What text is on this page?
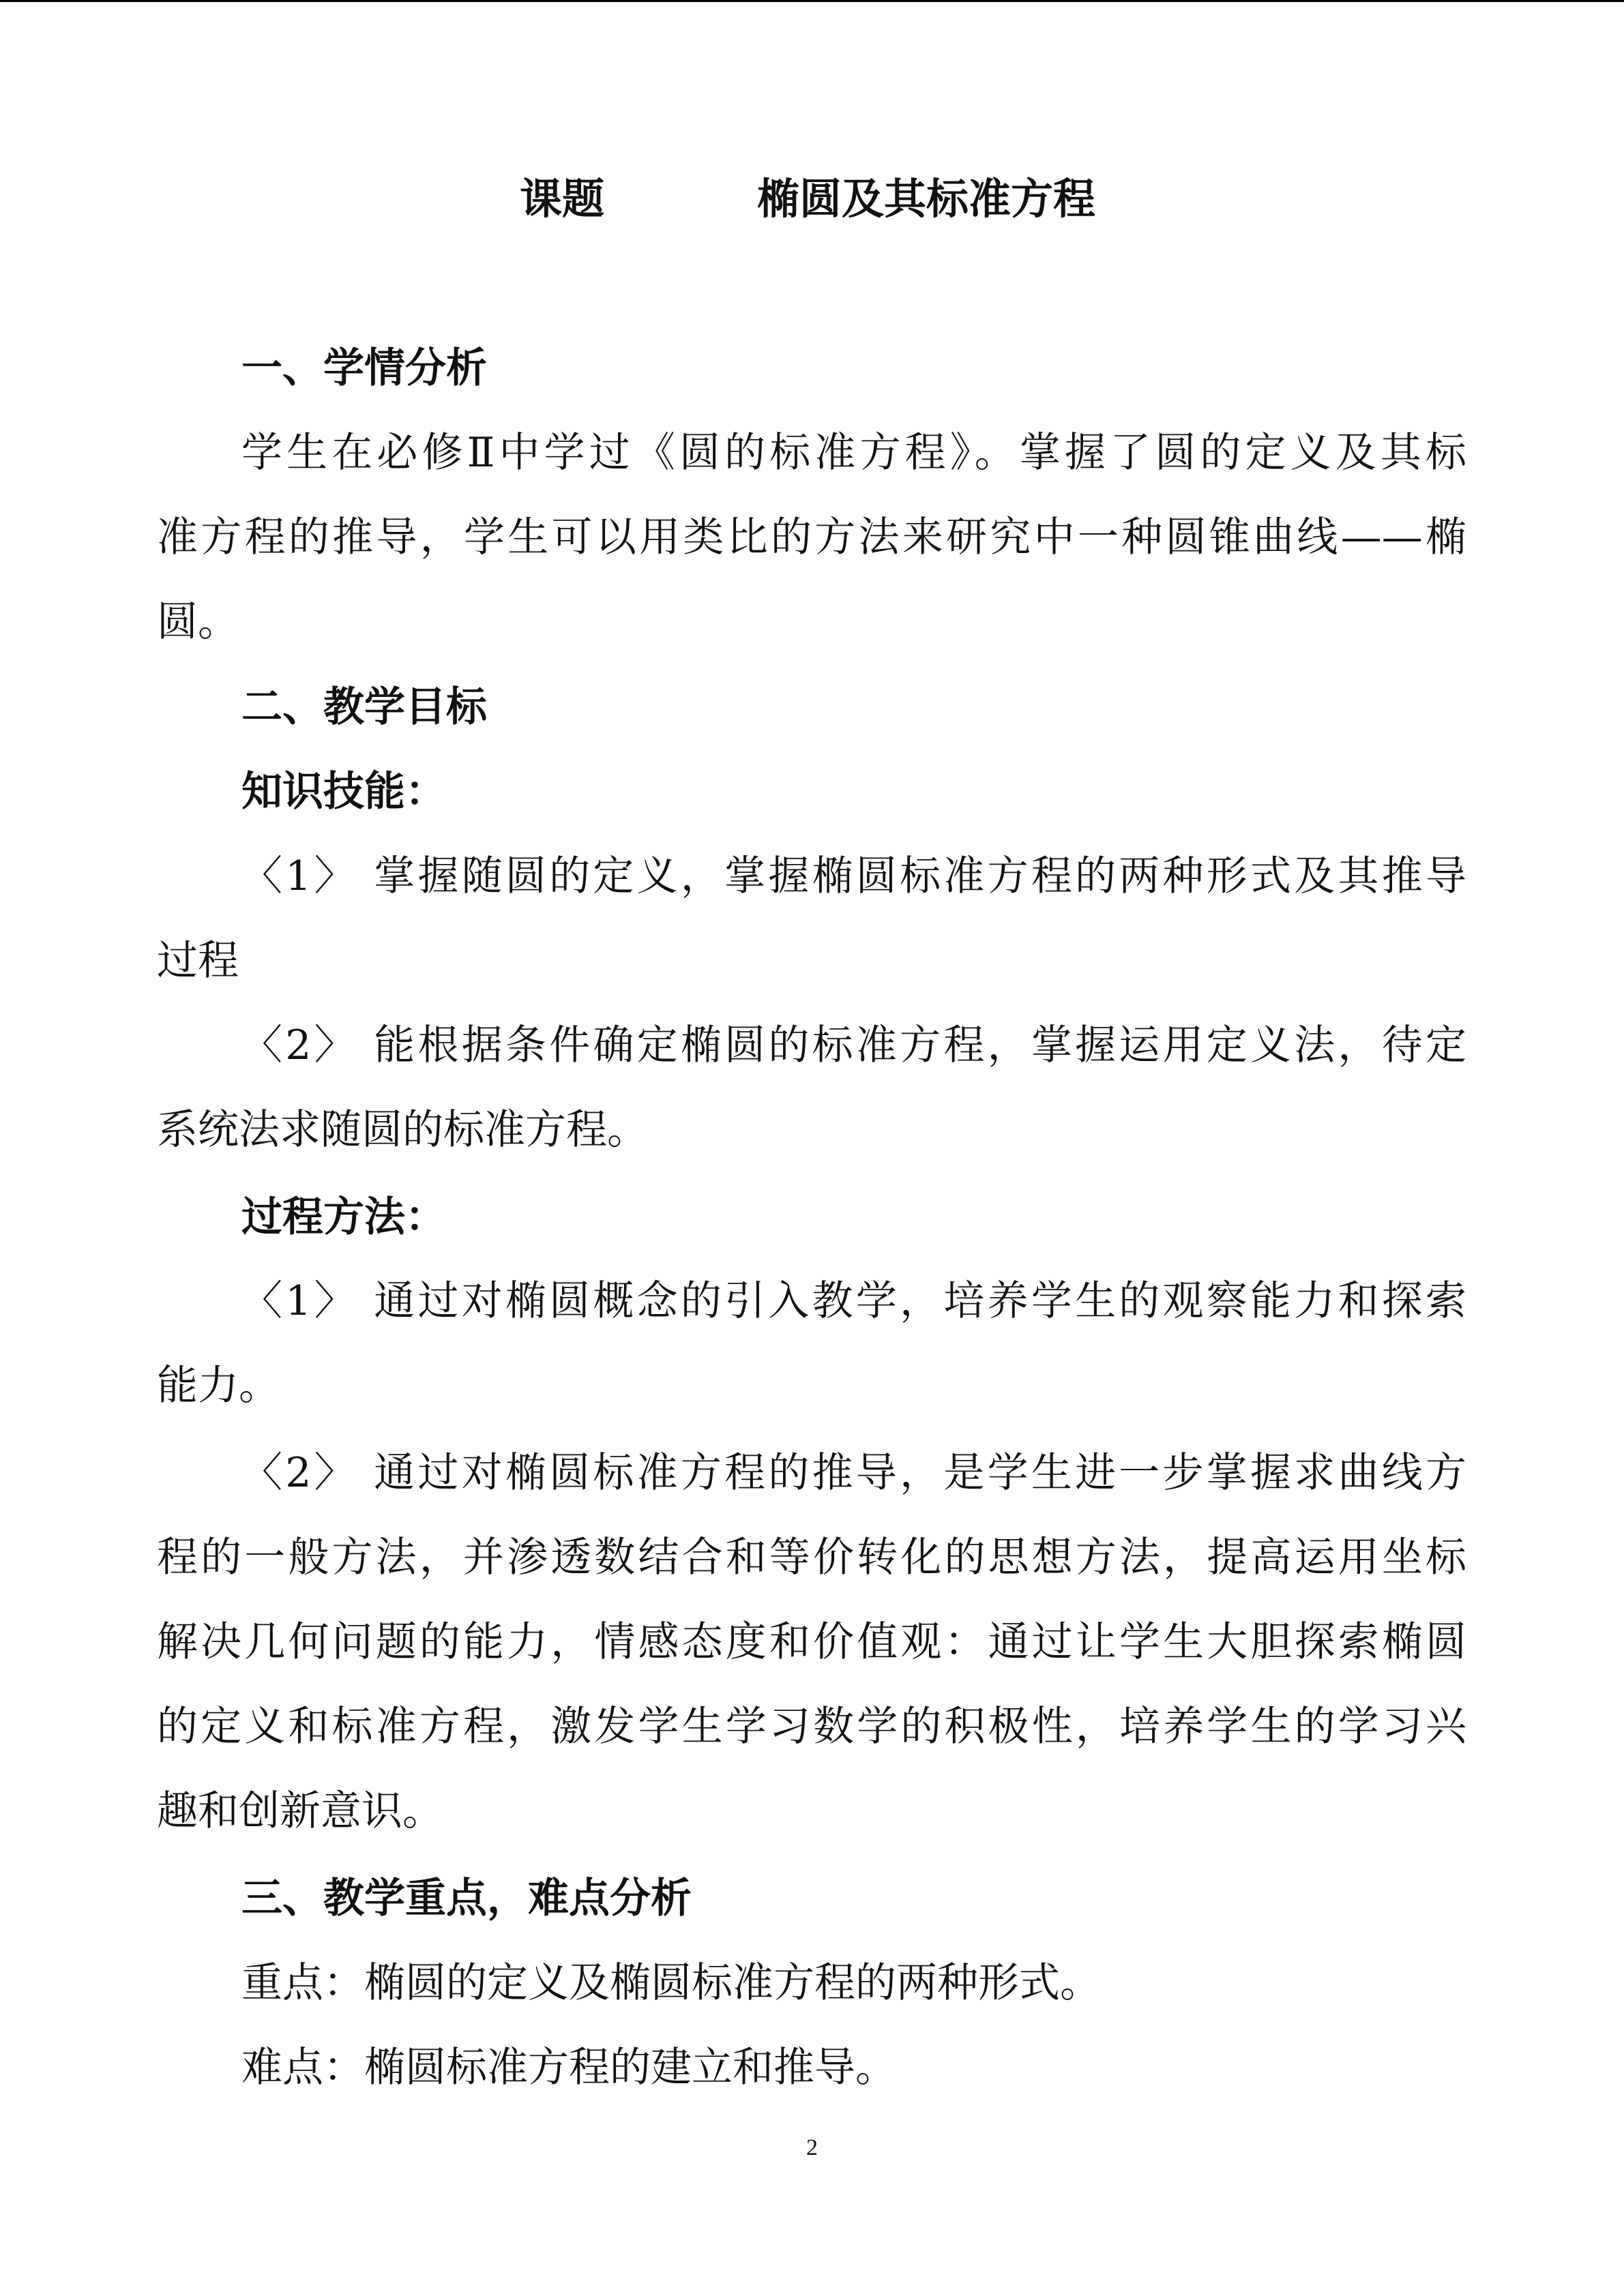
课题	椭圆及其标准方程
一、学情分析
学生在必修Ⅱ中学过《圆的标准方程》。掌握了圆的定义及其标
准方程的推导，学生可以用类比的方法来研究中一种圆锥曲线——椭
圆。
二、教学目标
知识技能：
〈1〉 掌握随圆的定义，掌握椭圆标准方程的两种形式及其推导
过程
〈2〉 能根据条件确定椭圆的标准方程，掌握运用定义法，待定
系统法求随圆的标准方程。
过程方法：
〈1〉 通过对椭圆概念的引入教学，培养学生的观察能力和探索
能力。
〈2〉 通过对椭圆标准方程的推导，是学生进一步掌握求曲线方
程的一般方法，并渗透数结合和等价转化的思想方法，提高运用坐标
解决几何问题的能力，情感态度和价值观：通过让学生大胆探索椭圆
的定义和标准方程，激发学生学习数学的积极性，培养学生的学习兴
趣和创新意识。
三、教学重点，难点分析
重点：椭圆的定义及椭圆标准方程的两种形式。
难点：椭圆标准方程的建立和推导。
2
